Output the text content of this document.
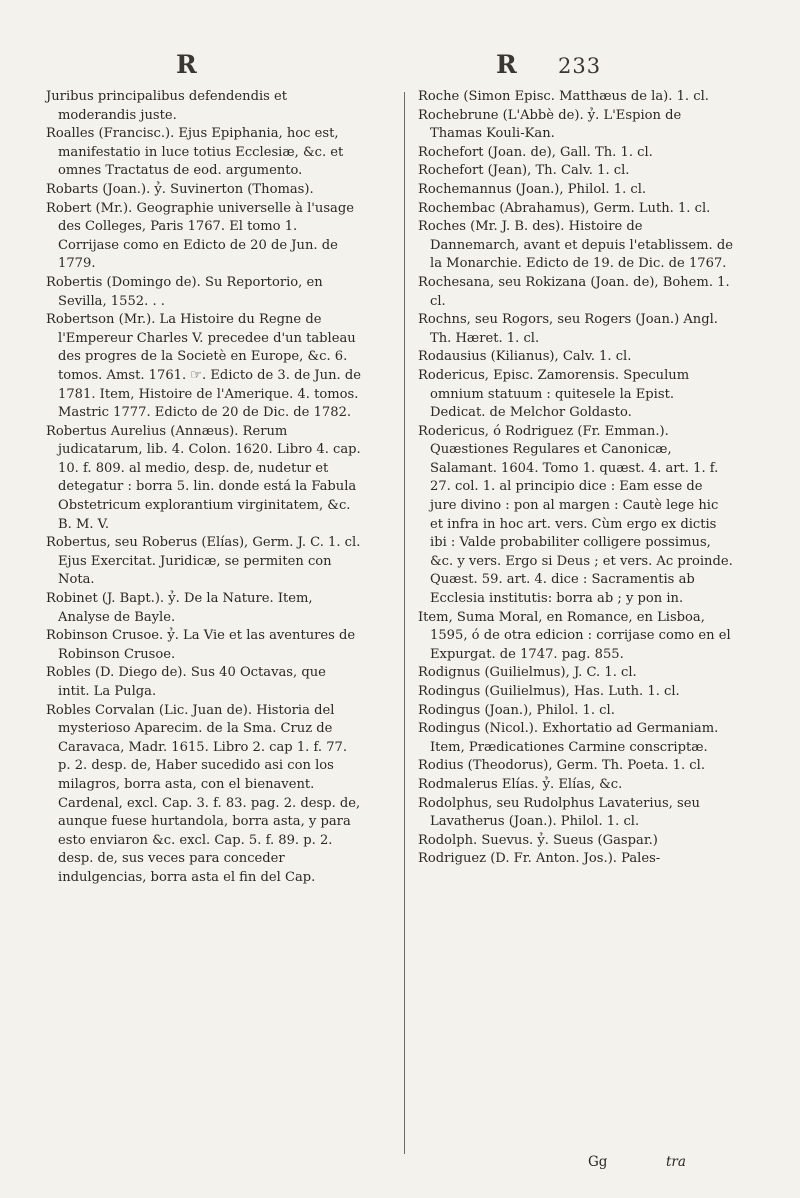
R	R 233

Juribus principalibus defendendis et moderandis juste.

Roalles (Francisc.). Ejus Epiphania, hoc est, manifestatio in luce totius Ecclesiæ, &c. et omnes Tractatus de eod. argumento.

Robarts (Joan.). ỷ. Suvinerton (Thomas).

Robert (Mr.). Geographie universelle à l'usage des Colleges, Paris 1767. El tomo 1. Corrijase como en Edicto de 20 de Jun. de 1779.

Robertis (Domingo de). Su Reportorio, en Sevilla, 1552. . .

Robertson (Mr.). La Histoire du Regne de l'Empereur Charles V. precedee d'un tableau des progres de la Sociеtè en Europe, &c. 6. tomos. Amst. 1761. ☞. Edicto de 3. de Jun. de 1781. Item, Histoire de l'Amerique. 4. tomos. Mastric 1777. Edicto de 20 de Dic. de 1782.

Robertus Aurelius (Annæus). Rerum judicatarum, lib. 4. Colon. 1620. Libro 4. cap. 10. f. 809. al medio, desp. de, nudetur et detegatur : borra 5. lin. donde está la Fabula Obstetricum explorantium virginitatem, &c. B. M. V.

Robertus, seu Roberus (Elías), Germ. J. C. 1. cl. Ejus Exercitat. Juridicæ, se permiten con Nota.

Robinet (J. Bapt.). ỷ. De la Nature. Item, Analyse de Bayle.

Robinson Crusoe. ỷ. La Vie et las aventures de Robinson Crusoe.

Robles (D. Diego de). Sus 40 Octavas, que intit. La Pulga.

Robles Corvalan (Lic. Juan de). Historia del mysterioso Aparecim. de la Sma. Cruz de Caravaca, Madr. 1615. Libro 2. cap 1. f. 77. p. 2. desp. de, Haber sucedido asi con los milagros, borra asta, con el bienavent. Cardenal, excl. Cap. 3. f. 83. pag. 2. desp. de, aunque fuese hurtandola, borra asta, y para esto enviaron &c. excl. Cap. 5. f. 89. p. 2. desp. de, sus veces para conceder indulgencias, borra asta el fin del Cap.

Roche (Simon Episc. Matthæus de la). 1. cl.

Rochebrune (L'Abbè de). ỷ. L'Espion de Thamas Kouli-Kan.

Rochefort (Joan. de), Gall. Th. 1. cl.

Rochefort (Jean), Th. Calv. 1. cl.

Rochemannus (Joan.), Philol. 1. cl.

Rochembac (Abrahamus), Germ. Luth. 1. cl.

Roches (Mr. J. B. des). Histoire de Dannemarch, avant et depuis l'etablissem. de la Monarchie. Edicto de 19. de Dic. de 1767.

Rochesana, seu Rokizana (Joan. de), Bohem. 1. cl.

Rochns, seu Rogors, seu Rogers (Joan.) Angl. Th. Hæret. 1. cl.

Rodausius (Kilianus), Calv. 1. cl.

Rodericus, Episc. Zamorensis. Speculum omnium statuum : quitesele la Epist. Dedicat. de Melchor Goldasto.

Rodericus, ó Rodriguez (Fr. Emman.). Quæstiones Regulares et Canonicæ, Salamant. 1604. Tomo 1. quæst. 4. art. 1. f. 27. col. 1. al principio dice : Eam esse de jure divino : pon al margen : Cautè lege hic et infra in hoc art. vers. Cùm ergo ex dictis ibi : Valde probabiliter colligere possimus, &c. y vers. Ergo si Deus ; et vers. Ac proinde. Quæst. 59. art. 4. dice : Sacramentis ab Ecclesia institutis: borra ab ; y pon in.

Item, Suma Moral, en Romance, en Lisboa, 1595, ó de otra edicion : corrijase como en el Expurgat. de 1747. pag. 855.

Rodignus (Guilielmus), J. C. 1. cl.

Rodingus (Guilielmus), Has. Luth. 1. cl.

Rodingus (Joan.), Philol. 1. cl.

Rodingus (Nicol.). Exhortatio ad Germaniam. Item, Prædicationes Carmine conscriptæ.

Rodius (Theodorus), Germ. Th. Poeta. 1. cl.

Rodmalerus Elías. ỷ. Elías, &c.

Rodolphus, seu Rudolphus Lavaterius, seu Lavatherus (Joan.). Philol. 1. cl.

Rodolph. Suevus. ỷ. Sueus (Gaspar.)

Rodriguez (D. Fr. Anton. Jos.). Pales-

Gg	tra
